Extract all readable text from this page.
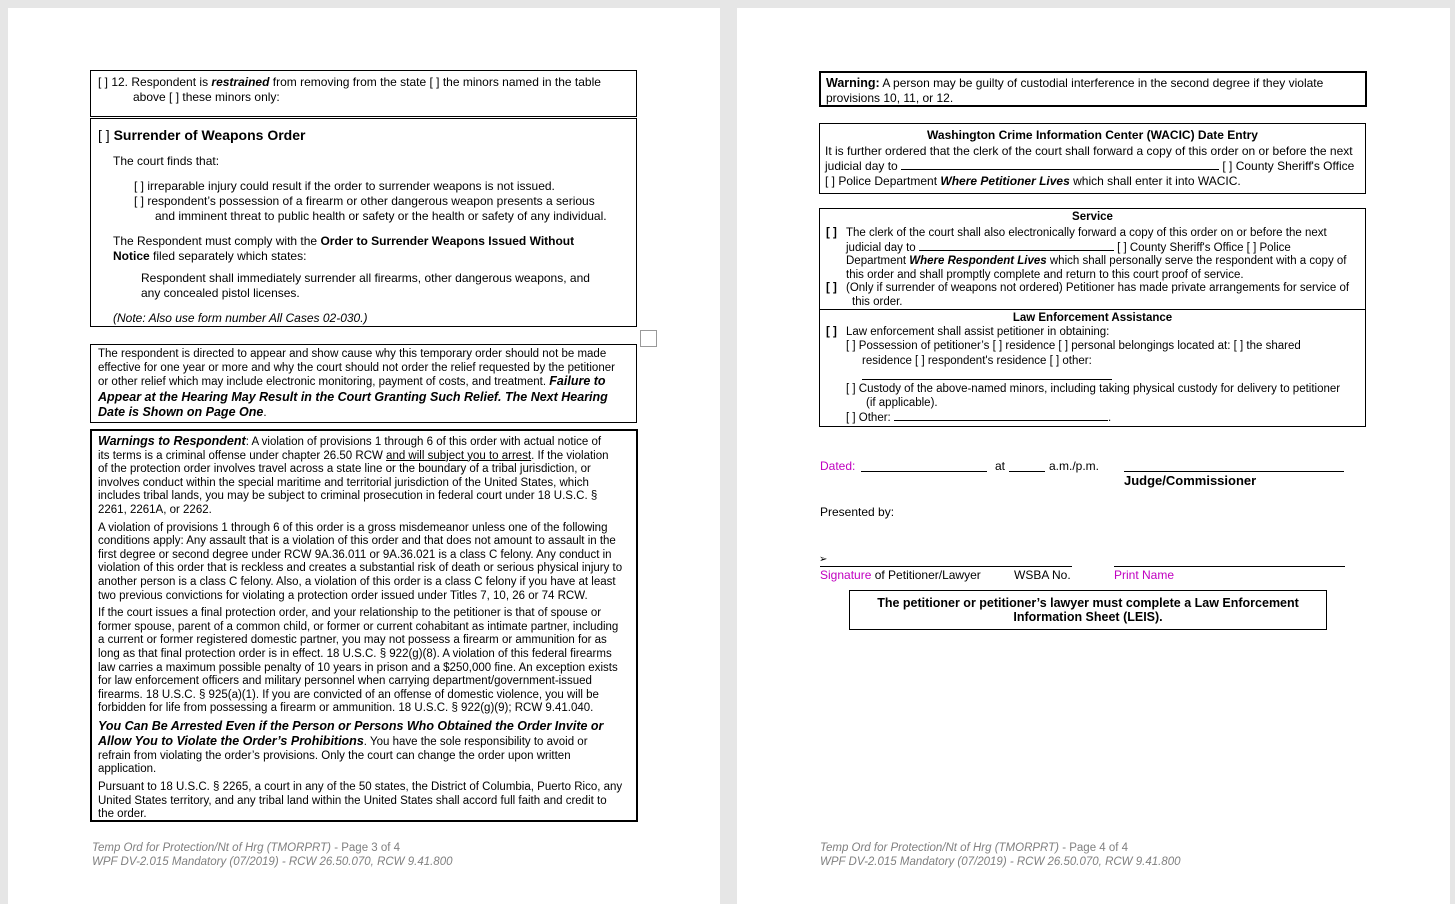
[ ] 12. Respondent is restrained from removing from the state [ ] the minors named in the table
above [ ] these minors only:
[ ] Surrender of Weapons Order
The court finds that:
[ ] irreparable injury could result if the order to surrender weapons is not issued.
[ ] respondent’s possession of a firearm or other dangerous weapon presents a serious
and imminent threat to public health or safety or the health or safety of any individual.
The Respondent must comply with the Order to Surrender Weapons Issued Without
Notice filed separately which states:
Respondent shall immediately surrender all firearms, other dangerous weapons, and
any concealed pistol licenses.
(Note: Also use form number All Cases 02-030.)
The respondent is directed to appear and show cause why this temporary order should not be made
effective for one year or more and why the court should not order the relief requested by the petitioner
or other relief which may include electronic monitoring, payment of costs, and treatment. Failure to
Appear at the Hearing May Result in the Court Granting Such Relief. The Next Hearing
Date is Shown on Page One.
Warnings to Respondent: A violation of provisions 1 through 6 of this order with actual notice of
its terms is a criminal offense under chapter 26.50 RCW and will subject you to arrest. If the violation
of the protection order involves travel across a state line or the boundary of a tribal jurisdiction, or
involves conduct within the special maritime and territorial jurisdiction of the United States, which
includes tribal lands, you may be subject to criminal prosecution in federal court under 18 U.S.C. §
2261, 2261A, or 2262.
A violation of provisions 1 through 6 of this order is a gross misdemeanor unless one of the following
conditions apply: Any assault that is a violation of this order and that does not amount to assault in the
first degree or second degree under RCW 9A.36.011 or 9A.36.021 is a class C felony. Any conduct in
violation of this order that is reckless and creates a substantial risk of death or serious physical injury to
another person is a class C felony. Also, a violation of this order is a class C felony if you have at least
two previous convictions for violating a protection order issued under Titles 7, 10, 26 or 74 RCW.
If the court issues a final protection order, and your relationship to the petitioner is that of spouse or
former spouse, parent of a common child, or former or current cohabitant as intimate partner, including
a current or former registered domestic partner, you may not possess a firearm or ammunition for as
long as that final protection order is in effect. 18 U.S.C. § 922(g)(8). A violation of this federal firearms
law carries a maximum possible penalty of 10 years in prison and a $250,000 fine. An exception exists
for law enforcement officers and military personnel when carrying department/government-issued
firearms. 18 U.S.C. § 925(a)(1). If you are convicted of an offense of domestic violence, you will be
forbidden for life from possessing a firearm or ammunition. 18 U.S.C. § 922(g)(9); RCW 9.41.040.
You Can Be Arrested Even if the Person or Persons Who Obtained the Order Invite or
Allow You to Violate the Order’s Prohibitions. You have the sole responsibility to avoid or
refrain from violating the order’s provisions. Only the court can change the order upon written
application.
Pursuant to 18 U.S.C. § 2265, a court in any of the 50 states, the District of Columbia, Puerto Rico, any
United States territory, and any tribal land within the United States shall accord full faith and credit to
the order.
Temp Ord for Protection/Nt of Hrg (TMORPRT) - Page 3 of 4
WPF DV-2.015 Mandatory (07/2019) - RCW 26.50.070, RCW 9.41.800
Warning: A person may be guilty of custodial interference in the second degree if they violate
provisions 10, 11, or 12.
Washington Crime Information Center (WACIC) Date Entry
It is further ordered that the clerk of the court shall forward a copy of this order on or before the next
judicial day to	[ ] County Sheriff's Office
[ ] Police Department Where Petitioner Lives which shall enter it into WACIC.
Service
[ ] The clerk of the court shall also electronically forward a copy of this order on or before the next
judicial day to	[ ] County Sheriff's Office [ ] Police
Department Where Respondent Lives which shall personally serve the respondent with a copy of
this order and shall promptly complete and return to this court proof of service.
[ ] (Only if surrender of weapons not ordered) Petitioner has made private arrangements for service of
this order.
Law Enforcement Assistance
[ ] Law enforcement shall assist petitioner in obtaining:
[ ] Possession of petitioner’s [ ] residence [ ] personal belongings located at: [ ] the shared
residence [ ] respondent's residence [ ] other:
[ ] Custody of the above-named minors, including taking physical custody for delivery to petitioner
(if applicable).
[ ] Other:	.
Dated:	at	a.m./p.m.
Judge/Commissioner
Presented by:
➢
Signature of Petitioner/Lawyer	WSBA No.	Print Name
The petitioner or petitioner’s lawyer must complete a Law Enforcement
Information Sheet (LEIS).
Temp Ord for Protection/Nt of Hrg (TMORPRT) - Page 4 of 4
WPF DV-2.015 Mandatory (07/2019) - RCW 26.50.070, RCW 9.41.800
